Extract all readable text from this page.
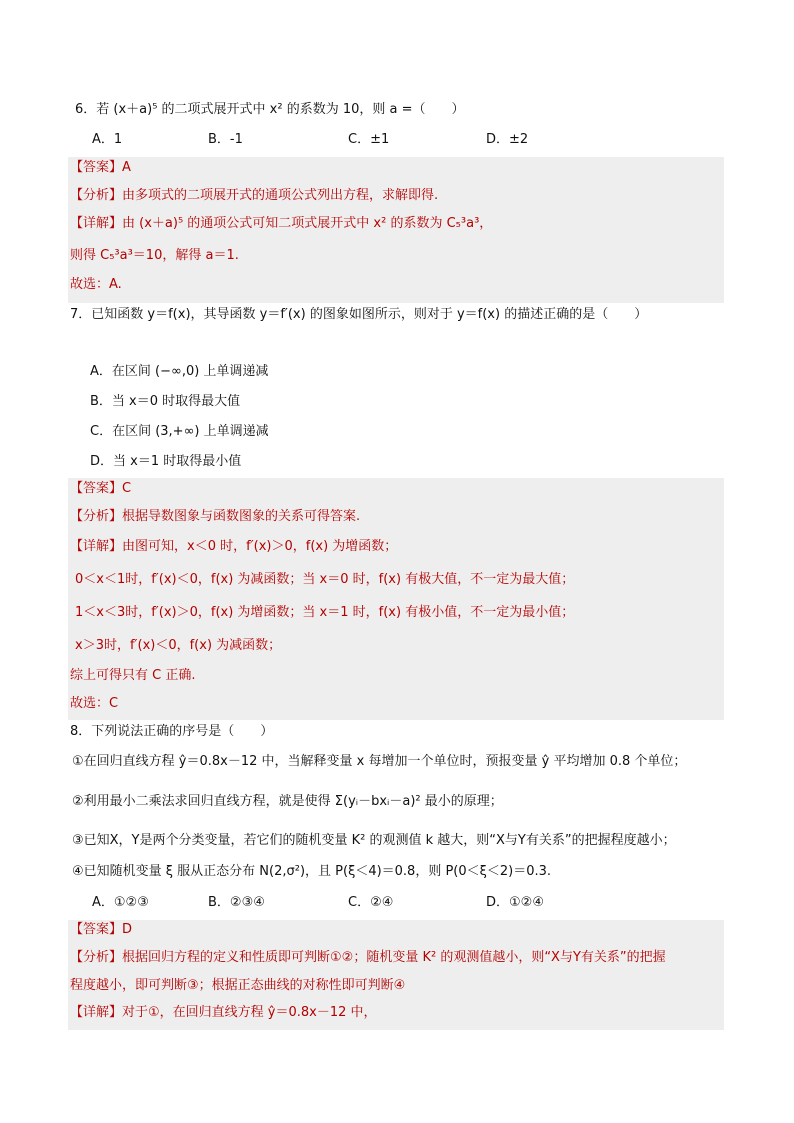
6．若 (x＋a)⁵ 的二项式展开式中 x² 的系数为 10，则 a =（　　）
A．1	B．-1	C．±1	D．±2
【答案】A
【分析】由多项式的二项展开式的通项公式列出方程，求解即得.
【详解】由 (x＋a)⁵ 的通项公式可知二项式展开式中 x² 的系数为 C₅³a³，
则得 C₅³a³＝10，解得 a＝1.
故选：A.
7．已知函数 y＝f(x)，其导函数 y＝f′(x) 的图象如图所示，则对于 y＝f(x) 的描述正确的是（　　）
A．在区间 (−∞,0) 上单调递减
B．当 x＝0 时取得最大值
C．在区间 (3,+∞) 上单调递减
D．当 x＝1 时取得最小值
【答案】C
【分析】根据导数图象与函数图象的关系可得答案.
【详解】由图可知，x＜0 时，f′(x)＞0，f(x) 为增函数；
0＜x＜1时，f′(x)＜0，f(x) 为减函数；当 x＝0 时，f(x) 有极大值，不一定为最大值；
1＜x＜3时，f′(x)＞0，f(x) 为增函数；当 x＝1 时，f(x) 有极小值，不一定为最小值；
x＞3时，f′(x)＜0，f(x) 为减函数；
综上可得只有 C 正确.
故选：C
8．下列说法正确的序号是（　　）
①在回归直线方程 ŷ＝0.8x－12 中，当解释变量 x 每增加一个单位时，预报变量 ŷ 平均增加 0.8 个单位；
②利用最小二乘法求回归直线方程，就是使得 Σ(yᵢ－bxᵢ－a)² 最小的原理；
③已知X，Y是两个分类变量，若它们的随机变量 K² 的观测值 k 越大，则“X与Y有关系”的把握程度越小；
④已知随机变量 ξ 服从正态分布 N(2,σ²)，且 P(ξ＜4)＝0.8，则 P(0＜ξ＜2)＝0.3.
A．①②③	B．②③④	C．②④	D．①②④
【答案】D
【分析】根据回归方程的定义和性质即可判断①②；随机变量 K² 的观测值越小，则“X与Y有关系”的把握
程度越小，即可判断③；根据正态曲线的对称性即可判断④
【详解】对于①，在回归直线方程 ŷ＝0.8x－12 中，
